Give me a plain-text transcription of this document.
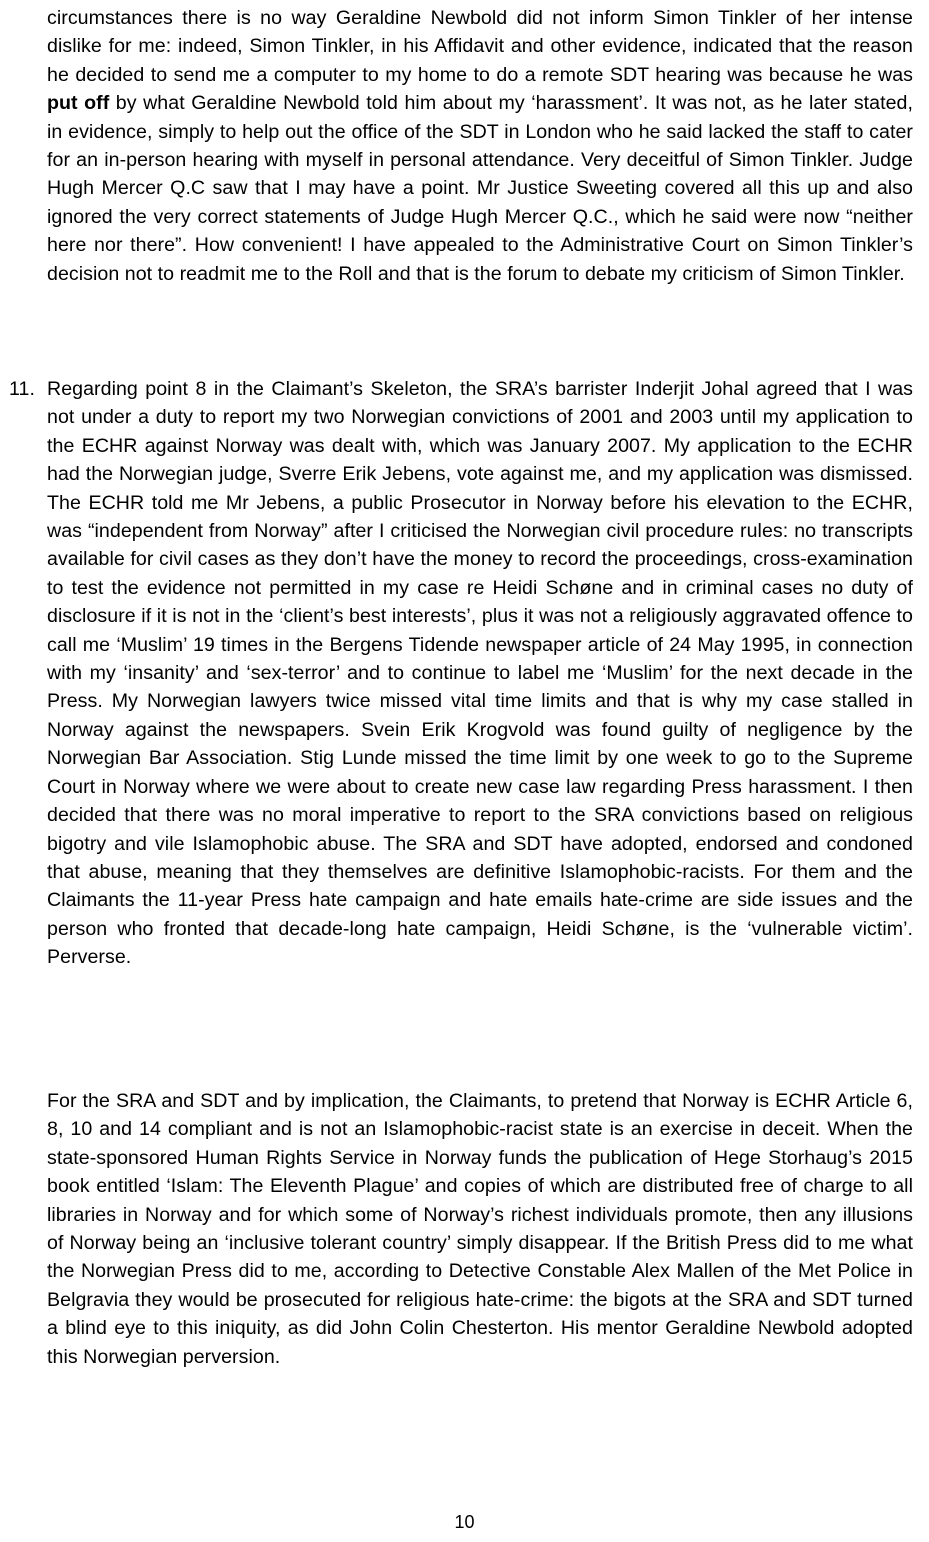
circumstances there is no way Geraldine Newbold did not inform Simon Tinkler of her intense dislike for me: indeed, Simon Tinkler, in his Affidavit and other evidence, indicated that the reason he decided to send me a computer to my home to do a remote SDT hearing was because he was put off by what Geraldine Newbold told him about my ‘harassment’. It was not, as he later stated, in evidence, simply to help out the office of the SDT in London who he said lacked the staff to cater for an in-person hearing with myself in personal attendance. Very deceitful of Simon Tinkler. Judge Hugh Mercer Q.C saw that I may have a point. Mr Justice Sweeting covered all this up and also ignored the very correct statements of Judge Hugh Mercer Q.C., which he said were now “neither here nor there”. How convenient! I have appealed to the Administrative Court on Simon Tinkler’s decision not to readmit me to the Roll and that is the forum to debate my criticism of Simon Tinkler.

11. Regarding point 8 in the Claimant’s Skeleton, the SRA’s barrister Inderjit Johal agreed that I was not under a duty to report my two Norwegian convictions of 2001 and 2003 until my application to the ECHR against Norway was dealt with, which was January 2007. My application to the ECHR had the Norwegian judge, Sverre Erik Jebens, vote against me, and my application was dismissed. The ECHR told me Mr Jebens, a public Prosecutor in Norway before his elevation to the ECHR, was “independent from Norway” after I criticised the Norwegian civil procedure rules: no transcripts available for civil cases as they don’t have the money to record the proceedings, cross-examination to test the evidence not permitted in my case re Heidi Schøne and in criminal cases no duty of disclosure if it is not in the ‘client’s best interests’, plus it was not a religiously aggravated offence to call me ‘Muslim’ 19 times in the Bergens Tidende newspaper article of 24 May 1995, in connection with my ‘insanity’ and ‘sex-terror’ and to continue to label me ‘Muslim’ for the next decade in the Press. My Norwegian lawyers twice missed vital time limits and that is why my case stalled in Norway against the newspapers. Svein Erik Krogvold was found guilty of negligence by the Norwegian Bar Association. Stig Lunde missed the time limit by one week to go to the Supreme Court in Norway where we were about to create new case law regarding Press harassment. I then decided that there was no moral imperative to report to the SRA convictions based on religious bigotry and vile Islamophobic abuse. The SRA and SDT have adopted, endorsed and condoned that abuse, meaning that they themselves are definitive Islamophobic-racists. For them and the Claimants the 11-year Press hate campaign and hate emails hate-crime are side issues and the person who fronted that decade-long hate campaign, Heidi Schøne, is the ‘vulnerable victim’. Perverse.

For the SRA and SDT and by implication, the Claimants, to pretend that Norway is ECHR Article 6, 8, 10 and 14 compliant and is not an Islamophobic-racist state is an exercise in deceit. When the state-sponsored Human Rights Service in Norway funds the publication of Hege Storhaug’s 2015 book entitled ‘Islam: The Eleventh Plague’ and copies of which are distributed free of charge to all libraries in Norway and for which some of Norway’s richest individuals promote, then any illusions of Norway being an ‘inclusive tolerant country’ simply disappear. If the British Press did to me what the Norwegian Press did to me, according to Detective Constable Alex Mallen of the Met Police in Belgravia they would be prosecuted for religious hate-crime: the bigots at the SRA and SDT turned a blind eye to this iniquity, as did John Colin Chesterton. His mentor Geraldine Newbold adopted this Norwegian perversion.

10
